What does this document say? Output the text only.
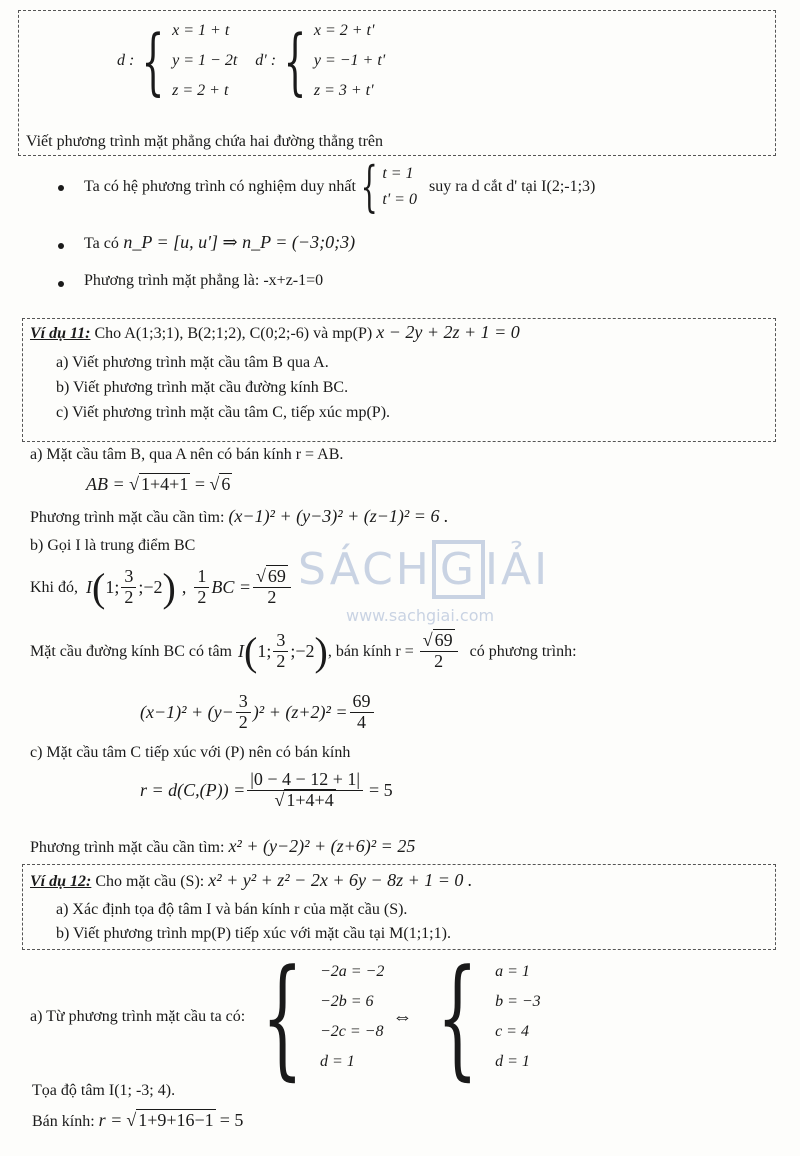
d : { x = 1 + t
y = 1 − 2t
z = 2 + t
d' : { x = 2 + t'
y = −1 + t'
z = 3 + t'
Viết phương trình mặt phẳng chứa hai đường thẳng trên
Ta có hệ phương trình có nghiệm duy nhất { t = 1
t' = 0
suy ra d cắt d' tại I(2;-1;3)
Ta có n_P = [u, u'] ⇒ n_P = (−3;0;3)
Phương trình mặt phẳng là: -x+z-1=0
Ví dụ 11: Cho A(1;3;1), B(2;1;2), C(0;2;-6) và mp(P) x − 2y + 2z + 1 = 0
a) Viết phương trình mặt cầu tâm B qua A.
b) Viết phương trình mặt cầu đường kính BC.
c) Viết phương trình mặt cầu tâm C, tiếp xúc mp(P).
a) Mặt cầu tâm B, qua A nên có bán kính r = AB.
AB = √ 1+4+1 = √ 6
Phương trình mặt cầu cần tìm: (x−1)² + (y−3)² + (z−1)² = 6 .
b) Gọi I là trung điểm BC
Khi đó, I ( 1; $\frac{3}{2}$ ;−2 ) , $\frac{1}{2}$ BC = $\frac{√ 69}{2}$
Mặt cầu đường kính BC có tâm I ( 1; $\frac{3}{2}$ ;−2 ) , bán kính $r = \frac{√ 69}{2}$ có phương trình:
$(x-1)^2 + (y- \frac{3}{2} )^2 + (z+2)^2 = \frac{69}{4}$
c) Mặt cầu tâm C tiếp xúc với (P) nên có bán kính
$r = d(C,(P)) = \frac{|0 - 4 - 12 + 1|}{√ 1+4+4} = 5$
Phương trình mặt cầu cần tìm: x² + (y−2)² + (z+6)² = 25
Ví dụ 12: Cho mặt cầu (S): x² + y² + z² − 2x + 6y − 8z + 1 = 0 .
a) Xác định tọa độ tâm I và bán kính r của mặt cầu (S).
b) Viết phương trình mp(P) tiếp xúc với mặt cầu tại M(1;1;1).
a) Từ phương trình mặt cầu ta có: { −2a = −2
−2b = 6
−2c = −8
d = 1
⇔ { a = 1
b = −3
c = 4
d = 1
Tọa độ tâm I(1; -3; 4).
Bán kính: r = √ 1+9+16−1 = 5
SÁCH G IẢI
www.sachgiai.com
